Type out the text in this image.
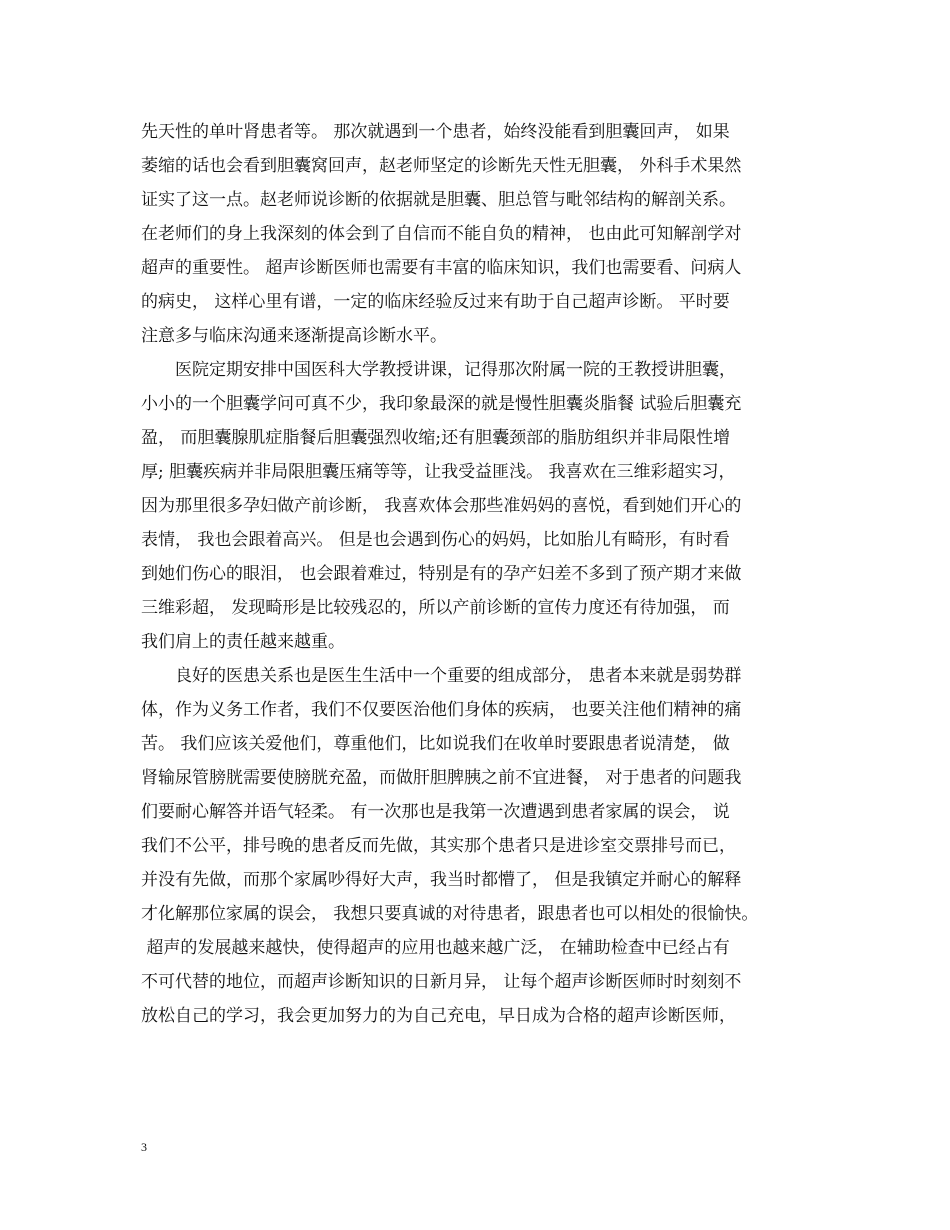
先天性的单叶肾患者等。 那次就遇到一个患者，始终没能看到胆囊回声， 如果
萎缩的话也会看到胆囊窝回声，赵老师坚定的诊断先天性无胆囊， 外科手术果然
证实了这一点。赵老师说诊断的依据就是胆囊、胆总管与毗邻结构的解剖关系。
在老师们的身上我深刻的体会到了自信而不能自负的精神， 也由此可知解剖学对
超声的重要性。 超声诊断医师也需要有丰富的临床知识，我们也需要看、问病人
的病史， 这样心里有谱，一定的临床经验反过来有助于自己超声诊断。 平时要
注意多与临床沟通来逐渐提高诊断水平。
　　医院定期安排中国医科大学教授讲课，记得那次附属一院的王教授讲胆囊，
小小的一个胆囊学问可真不少，我印象最深的就是慢性胆囊炎脂餐 试验后胆囊充
盈， 而胆囊腺肌症脂餐后胆囊强烈收缩;还有胆囊颈部的脂肪组织并非局限性增
厚; 胆囊疾病并非局限胆囊压痛等等，让我受益匪浅。 我喜欢在三维彩超实习，
因为那里很多孕妇做产前诊断， 我喜欢体会那些准妈妈的喜悦，看到她们开心的
表情， 我也会跟着高兴。 但是也会遇到伤心的妈妈，比如胎儿有畸形，有时看
到她们伤心的眼泪， 也会跟着难过，特别是有的孕产妇差不多到了预产期才来做
三维彩超， 发现畸形是比较残忍的，所以产前诊断的宣传力度还有待加强， 而
我们肩上的责任越来越重。
　　良好的医患关系也是医生生活中一个重要的组成部分， 患者本来就是弱势群
体，作为义务工作者，我们不仅要医治他们身体的疾病， 也要关注他们精神的痛
苦。 我们应该关爱他们，尊重他们，比如说我们在收单时要跟患者说清楚， 做
肾输尿管膀胱需要使膀胱充盈，而做肝胆脾胰之前不宜进餐， 对于患者的问题我
们要耐心解答并语气轻柔。 有一次那也是我第一次遭遇到患者家属的误会， 说
我们不公平，排号晚的患者反而先做，其实那个患者只是进诊室交票排号而已，
并没有先做，而那个家属吵得好大声，我当时都懵了， 但是我镇定并耐心的解释
才化解那位家属的误会， 我想只要真诚的对待患者，跟患者也可以相处的很愉快。
超声的发展越来越快，使得超声的应用也越来越广泛， 在辅助检查中已经占有
不可代替的地位，而超声诊断知识的日新月异， 让每个超声诊断医师时时刻刻不
放松自己的学习，我会更加努力的为自己充电，早日成为合格的超声诊断医师，
3
